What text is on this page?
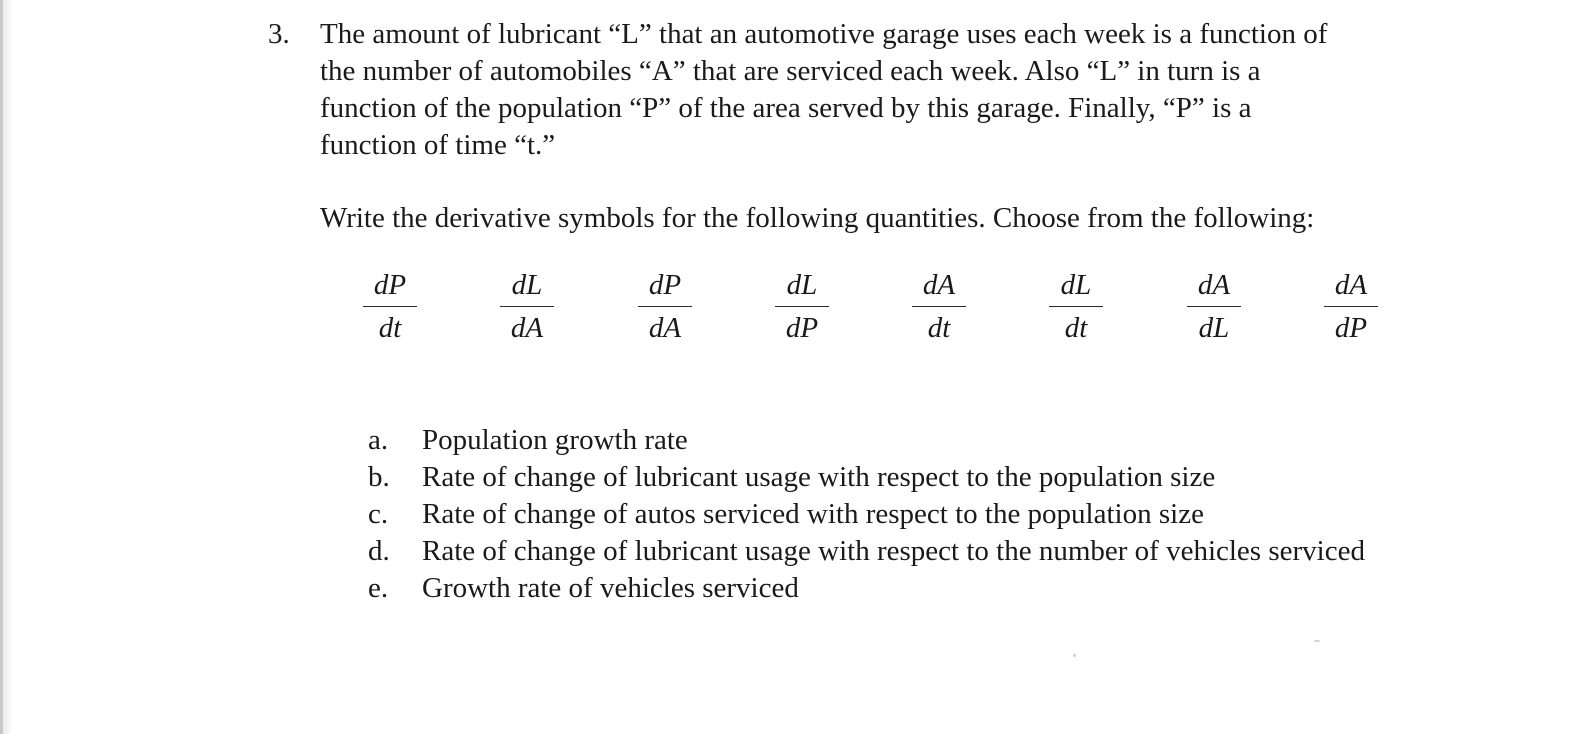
3. The amount of lubricant “L” that an automotive garage uses each week is a function of
the number of automobiles “A” that are serviced each week. Also “L” in turn is a
function of the population “P” of the area served by this garage. Finally, “P” is a
function of time “t.”
Write the derivative symbols for the following quantities. Choose from the following:
dP
dt
dL
dA
dP
dA
dL
dP
dA
dt
dL
dt
dA
dL
dA
dP
a. Population growth rate
b. Rate of change of lubricant usage with respect to the population size
c. Rate of change of autos serviced with respect to the population size
d. Rate of change of lubricant usage with respect to the number of vehicles serviced
e. Growth rate of vehicles serviced
